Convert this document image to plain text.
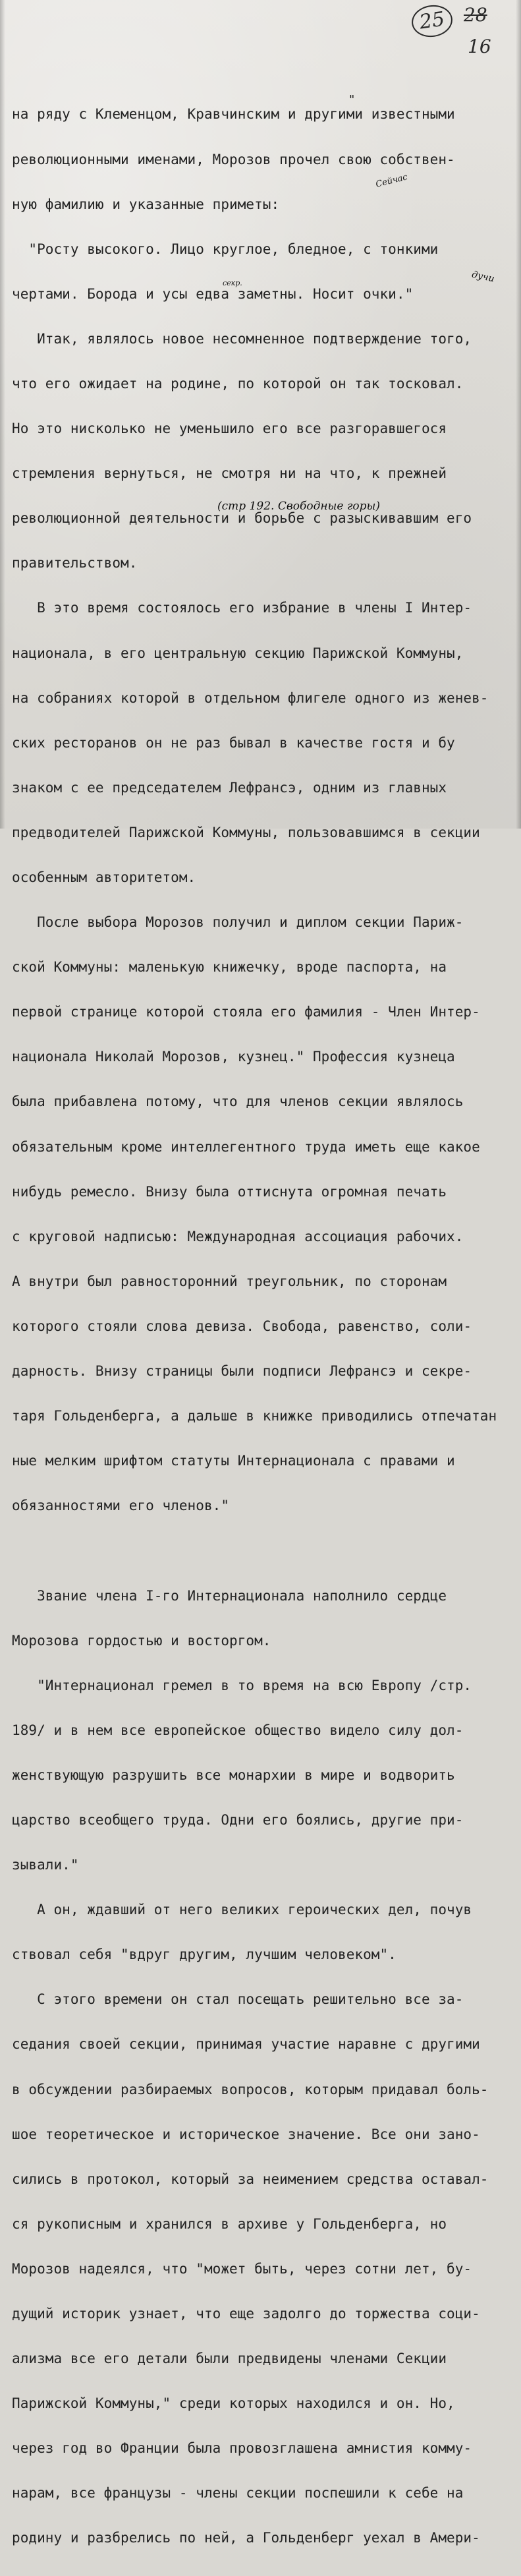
25 28
16

на ряду с Клеменцом, Кравчинским и другими известными

революционными именами, Морозов прочел свою собствен-

ную фамилию и указанные приметы:

"Росту высокого. Лицо круглое, бледное, с тонкими

чертами. Борода и усы едва заметны. Носит очки."

Итак, являлось новое несомненное подтверждение того,

что его ожидает на родине, по которой он так тосковал.

Но это нисколько не уменьшило его все разгоравшегося

стремления вернуться, не смотря ни на что, к прежней

революционной деятельности и борьбе с разыскивавшим его

правительством.

В это время состоялось его избрание в члены I Интер-

национала, в его центральную секцию Парижской Коммуны,

на собраниях которой в отдельном флигеле одного из женев-

ских ресторанов он не раз бывал в качестве гостя и бу

знаком с ее председателем Лефрансэ, одним из главных

предводителей Парижской Коммуны, пользовавшимся в секции

особенным авторитетом.

После выбора Морозов получил и диплом секции Париж-

ской Коммуны: маленькую книжечку, вроде паспорта, на

первой странице которой стояла его фамилия - Член Интер-

национала Николай Морозов, кузнец." Профессия кузнеца

была прибавлена потому, что для членов секции являлось

обязательным кроме интеллегентного труда иметь еще какое

нибудь ремесло. Внизу была оттиснута огромная печать

с круговой надписью: Международная ассоциация рабочих.

А внутри был равносторонний треугольник, по сторонам

которого стояли слова девиза. Свобода, равенство, соли-

дарность. Внизу страницы были подписи Лефрансэ и секре-

таря Гольденберга, а дальше в книжке приводились отпечатан

ные мелким шрифтом статуты Интернационала с правами и

обязанностями его членов."

Звание члена I-го Интернационала наполнило сердце

Морозова гордостью и восторгом.

"Интернационал гремел в то время на всю Европу /стр.

189/ и в нем все европейское общество видело силу дол-

женствующую разрушить все монархии в мире и водворить

царство всеобщего труда. Одни его боялись, другие при-

зывали."

А он, ждавший от него великих героических дел, почув

ствовал себя "вдруг другим, лучшим человеком".

С этого времени он стал посещать решительно все за-

седания своей секции, принимая участие наравне с другими

в обсуждении разбираемых вопросов, которым придавал боль-

шое теоретическое и историческое значение. Все они зано-

сились в протокол, который за неимением средства оставал-

ся рукописным и хранился в архиве у Гольденберга, но

Морозов надеялся, что "может быть, через сотни лет, бу-

дущий историк узнает, что еще задолго до торжества соци-

ализма все его детали были предвидены членами Секции

Парижской Коммуны," среди которых находился и он. Но,

через год во Франции была провозглашена амнистия комму-

нарам, все французы - члены секции поспешили к себе на

родину и разбрелись по ней, а Гольденберг уехал в Амери-

"
Сейчас
дучи
секр.
(стр 192. Свободные горы)
